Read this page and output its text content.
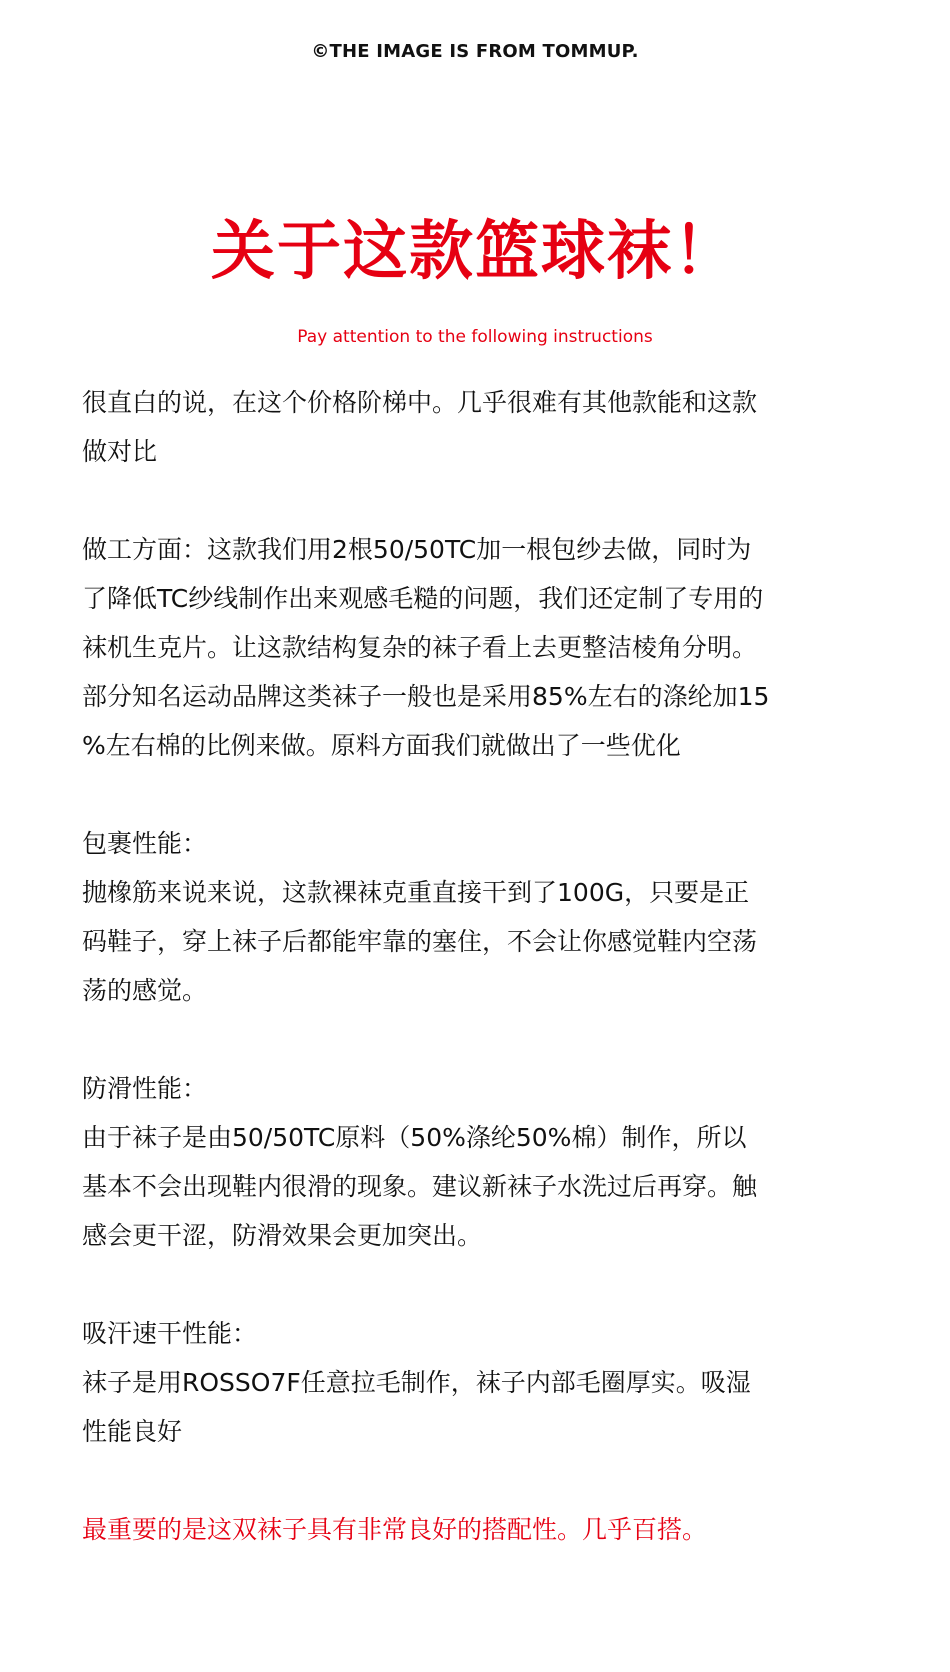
©THE IMAGE IS FROM TOMMUP.
关于这款篮球袜！
Pay attention to the following instructions

很直白的说，在这个价格阶梯中。几乎很难有其他款能和这款

做对比

做工方面：这款我们用2根50/50TC加一根包纱去做，同时为

了降低TC纱线制作出来观感毛糙的问题，我们还定制了专用的

袜机生克片。让这款结构复杂的袜子看上去更整洁棱角分明。

部分知名运动品牌这类袜子一般也是采用85%左右的涤纶加15

%左右棉的比例来做。原料方面我们就做出了一些优化

包裹性能：

抛橡筋来说来说，这款裸袜克重直接干到了100G，只要是正

码鞋子，穿上袜子后都能牢靠的塞住，不会让你感觉鞋内空荡

荡的感觉。

防滑性能：

由于袜子是由50/50TC原料（50%涤纶50%棉）制作，所以

基本不会出现鞋内很滑的现象。建议新袜子水洗过后再穿。触

感会更干涩，防滑效果会更加突出。

吸汗速干性能：

袜子是用ROSSO7F任意拉毛制作，袜子内部毛圈厚实。吸湿

性能良好

最重要的是这双袜子具有非常良好的搭配性。几乎百搭。
